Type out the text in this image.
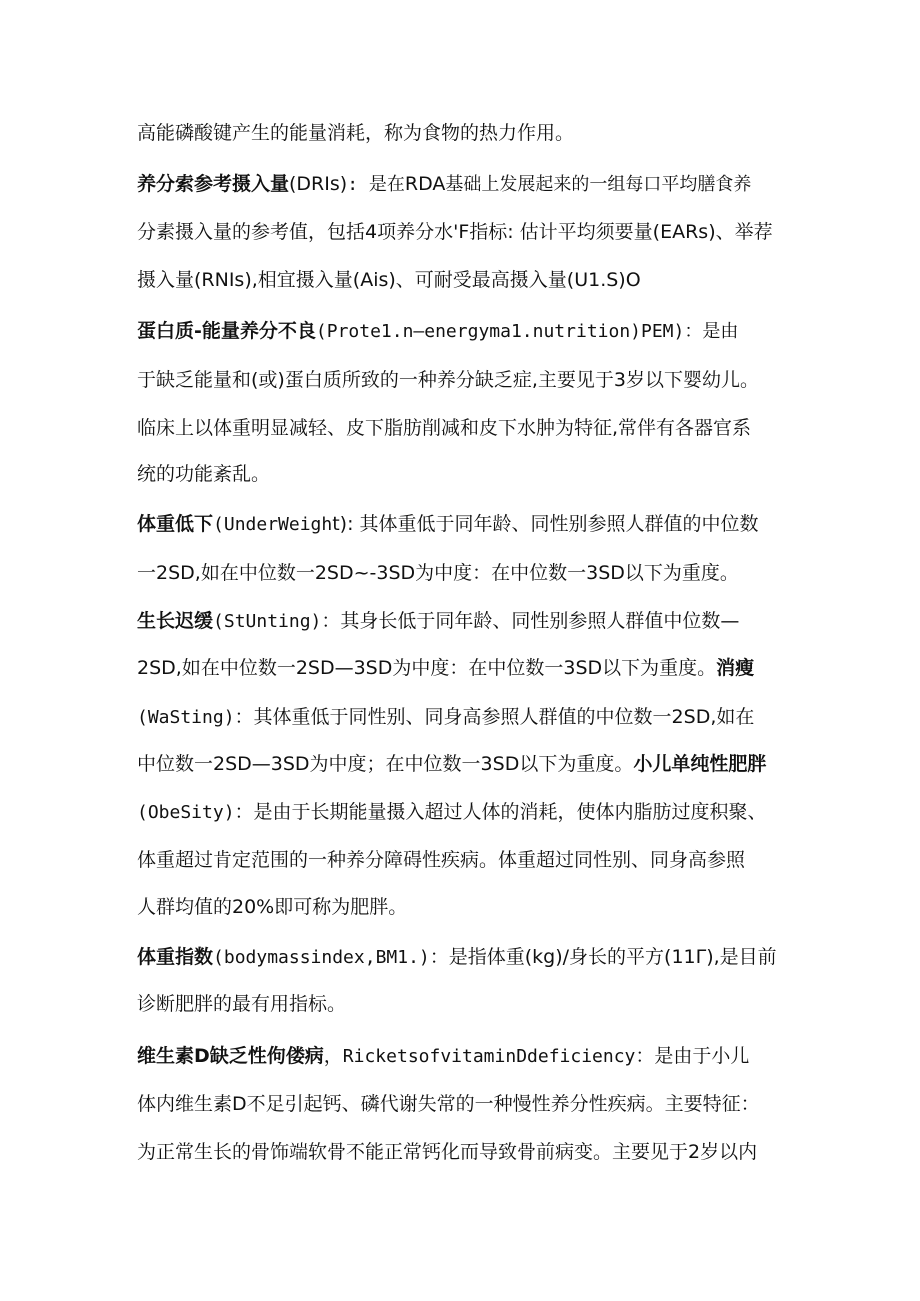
高能磷酸键产生的能量消耗，称为食物的热力作用。
养分索参考摄入量(DRIs): 是在RDA基础上发展起来的一组每口平均膳食养
分素摄入量的参考值，包括4项养分水'F指标: 估计平均须要量(EARs)、举荐
摄入量(RNIs),相宜摄入量(Ais)、可耐受最高摄入量(U1.S)O
蛋白质-能量养分不良(Prote1.n—energyma1.nutrition)PEM)：是由
于缺乏能量和(或)蛋白质所致的一种养分缺乏症,主要见于3岁以下婴幼儿。
临床上以体重明显减轻、皮下脂肪削减和皮下水肿为特征,常伴有各器官系
统的功能紊乱。
体重低下(UnderWeight): 其体重低于同年龄、同性别参照人群值的中位数
一2SD,如在中位数一2SD~-3SD为中度：在中位数一3SD以下为重度。
生长迟缓(StUnting)：其身长低于同年龄、同性别参照人群值中位数—
2SD,如在中位数一2SD—3SD为中度：在中位数一3SD以下为重度。消瘦
(WaSting)：其体重低于同性别、同身高参照人群值的中位数一2SD,如在
中位数一2SD—3SD为中度；在中位数一3SD以下为重度。小儿单纯性肥胖
(ObeSity)：是由于长期能量摄入超过人体的消耗，使体内脂肪过度积聚、
体重超过肯定范围的一种养分障碍性疾病。体重超过同性别、同身高参照
人群均值的20%即可称为肥胖。
体重指数(bodymassindex,BM1.)：是指体重(kg)/身长的平方(11Γ),是目前
诊断肥胖的最有用指标。
维生素D缺乏性佝偻病，RicketsofvitaminDdeficiency：是由于小儿
体内维生素D不足引起钙、磷代谢失常的一种慢性养分性疾病。主要特征：
为正常生长的骨饰端软骨不能正常钙化而导致骨前病变。主要见于2岁以内
